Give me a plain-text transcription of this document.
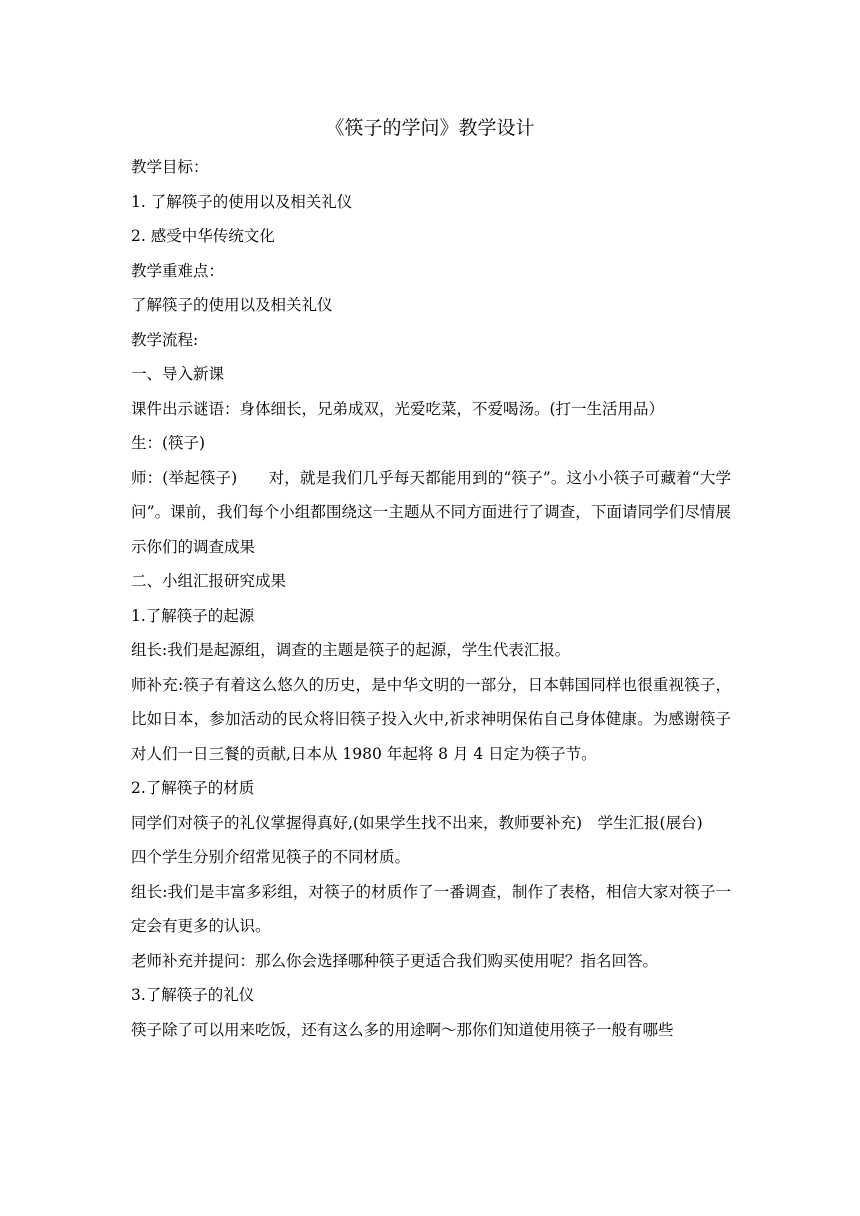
《筷子的学问》教学设计

教学目标：

1. 了解筷子的使用以及相关礼仪

2. 感受中华传统文化

教学重难点：

了解筷子的使用以及相关礼仪

教学流程:

一、导入新课

课件出示谜语：身体细长，兄弟成双，光爱吃菜，不爱喝汤。(打一生活用品）

生：(筷子)

师：(举起筷子)　　对，就是我们几乎每天都能用到的“筷子”。这小小筷子可藏着“大学问”。课前，我们每个小组都围绕这一主题从不同方面进行了调查，下面请同学们尽情展示你们的调查成果

二、小组汇报研究成果

1.了解筷子的起源

组长:我们是起源组，调查的主题是筷子的起源，学生代表汇报。

师补充:筷子有着这么悠久的历史，是中华文明的一部分，日本韩国同样也很重视筷子，比如日本，参加活动的民众将旧筷子投入火中,祈求神明保佑自己身体健康。为感谢筷子对人们一日三餐的贡献,日本从 1980 年起将 8 月 4 日定为筷子节。

2.了解筷子的材质

同学们对筷子的礼仪掌握得真好,(如果学生找不出来，教师要补充)　学生汇报(展台)

四个学生分别介绍常见筷子的不同材质。

组长:我们是丰富多彩组，对筷子的材质作了一番调查，制作了表格，相信大家对筷子一定会有更多的认识。

老师补充并提问：那么你会选择哪种筷子更适合我们购买使用呢？指名回答。

3.了解筷子的礼仪

筷子除了可以用来吃饭，还有这么多的用途啊～那你们知道使用筷子一般有哪些
